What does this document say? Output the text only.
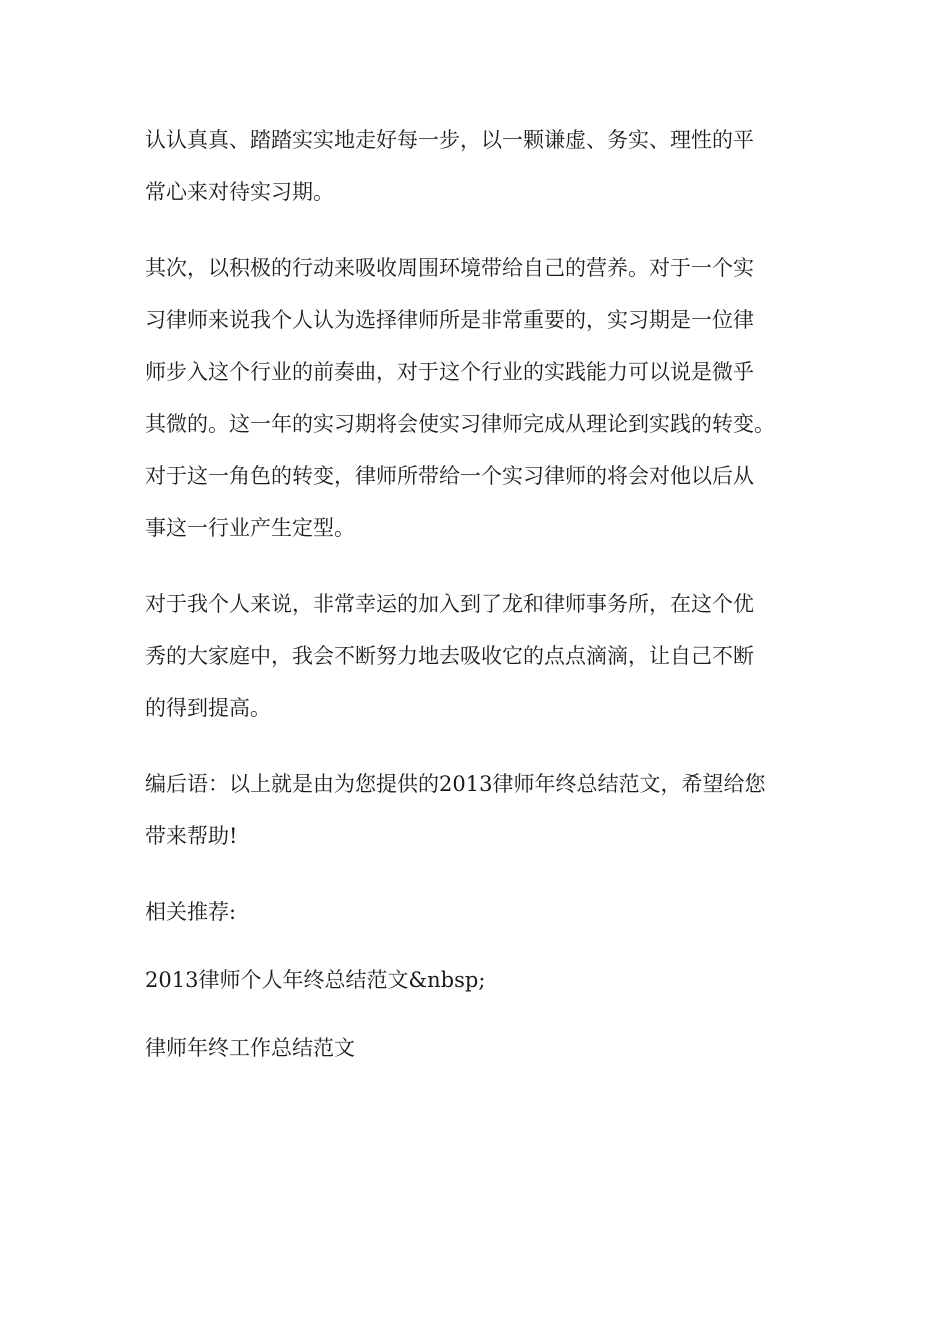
认认真真、踏踏实实地走好每一步，以一颗谦虚、务实、理性的平
常心来对待实习期。

其次，以积极的行动来吸收周围环境带给自己的营养。对于一个实
习律师来说我个人认为选择律师所是非常重要的，实习期是一位律
师步入这个行业的前奏曲，对于这个行业的实践能力可以说是微乎
其微的。这一年的实习期将会使实习律师完成从理论到实践的转变。
对于这一角色的转变，律师所带给一个实习律师的将会对他以后从
事这一行业产生定型。

对于我个人来说，非常幸运的加入到了龙和律师事务所，在这个优
秀的大家庭中，我会不断努力地去吸收它的点点滴滴，让自己不断
的得到提高。

编后语：以上就是由为您提供的2013律师年终总结范文，希望给您
带来帮助!

相关推荐:

2013律师个人年终总结范文&nbsp;

律师年终工作总结范文
